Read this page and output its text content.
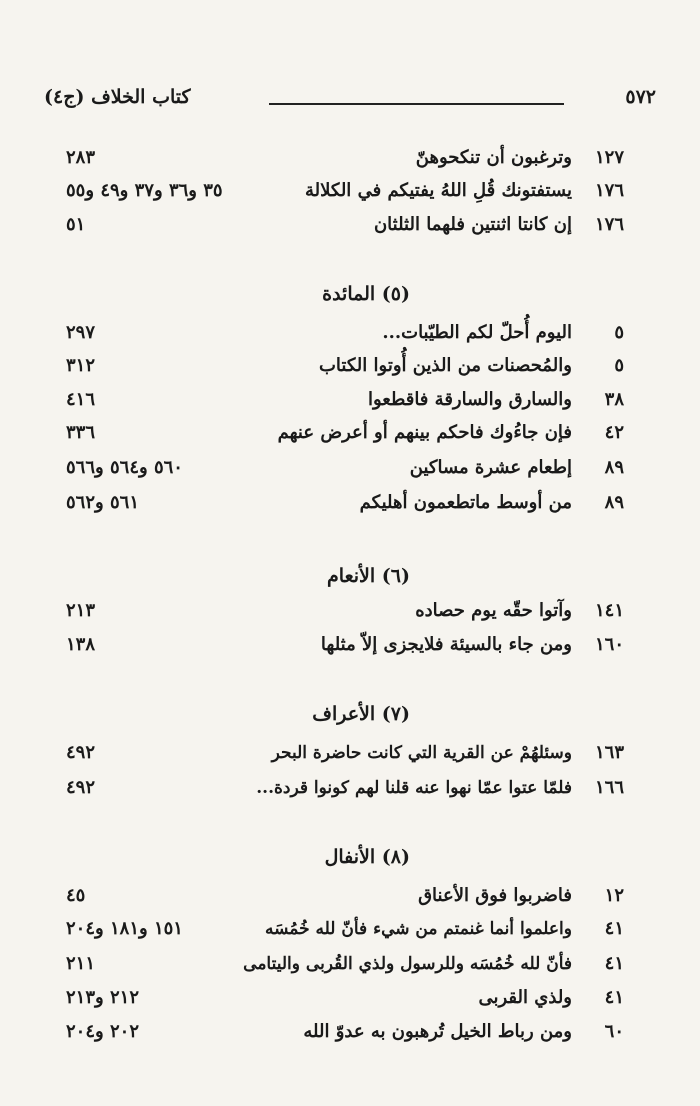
٥٧٢
كتاب الخلاف (ج٤)
١٢٧
وترغبون أن تنكحوهنّ
٢٨٣
١٧٦
يستفتونك قُلِ اللهُ يفتيكم في الكلالة
٣٥ و٣٦ و٣٧ و٤٩ و٥٥
١٧٦
إن كانتا اثنتين فلهما الثلثان
٥١
(٥) المائدة
٥
اليوم أُحلّ لكم الطيّبات...
٢٩٧
٥
والمُحصنات من الذين أُوتوا الكتاب
٣١٢
٣٨
والسارق والسارقة فاقطعوا
٤١٦
٤٢
فإن جاءُوك فاحكم بينهم أو أعرض عنهم
٣٣٦
٨٩
إطعام عشرة مساكين
٥٦٠ و٥٦٤ و٥٦٦
٨٩
من أوسط ماتطعمون أهليكم
٥٦١ و٥٦٢
(٦) الأنعام
١٤١
وآتوا حقّه يوم حصاده
٢١٣
١٦٠
ومن جاء بالسيئة فلايجزى إلاّ مثلها
١٣٨
(٧) الأعراف
١٦٣
وسئلهُمْ عن القرية التي كانت حاضرة البحر
٤٩٢
١٦٦
فلمّا عتوا عمّا نهوا عنه قلنا لهم كونوا قردة...
٤٩٢
(٨) الأنفال
١٢
فاضربوا فوق الأعناق
٤٥
٤١
واعلموا أنما غنمتم من شيء فأنّ لله خُمُسَه
١٥١ و١٨١ و٢٠٤
٤١
فأنّ لله خُمُسَه وللرسول ولذي القُربى واليتامى
٢١١
٤١
ولذي القربى
٢١٢ و٢١٣
٦٠
ومن رباط الخيل تُرهبون به عدوّ الله
٢٠٢ و٢٠٤
